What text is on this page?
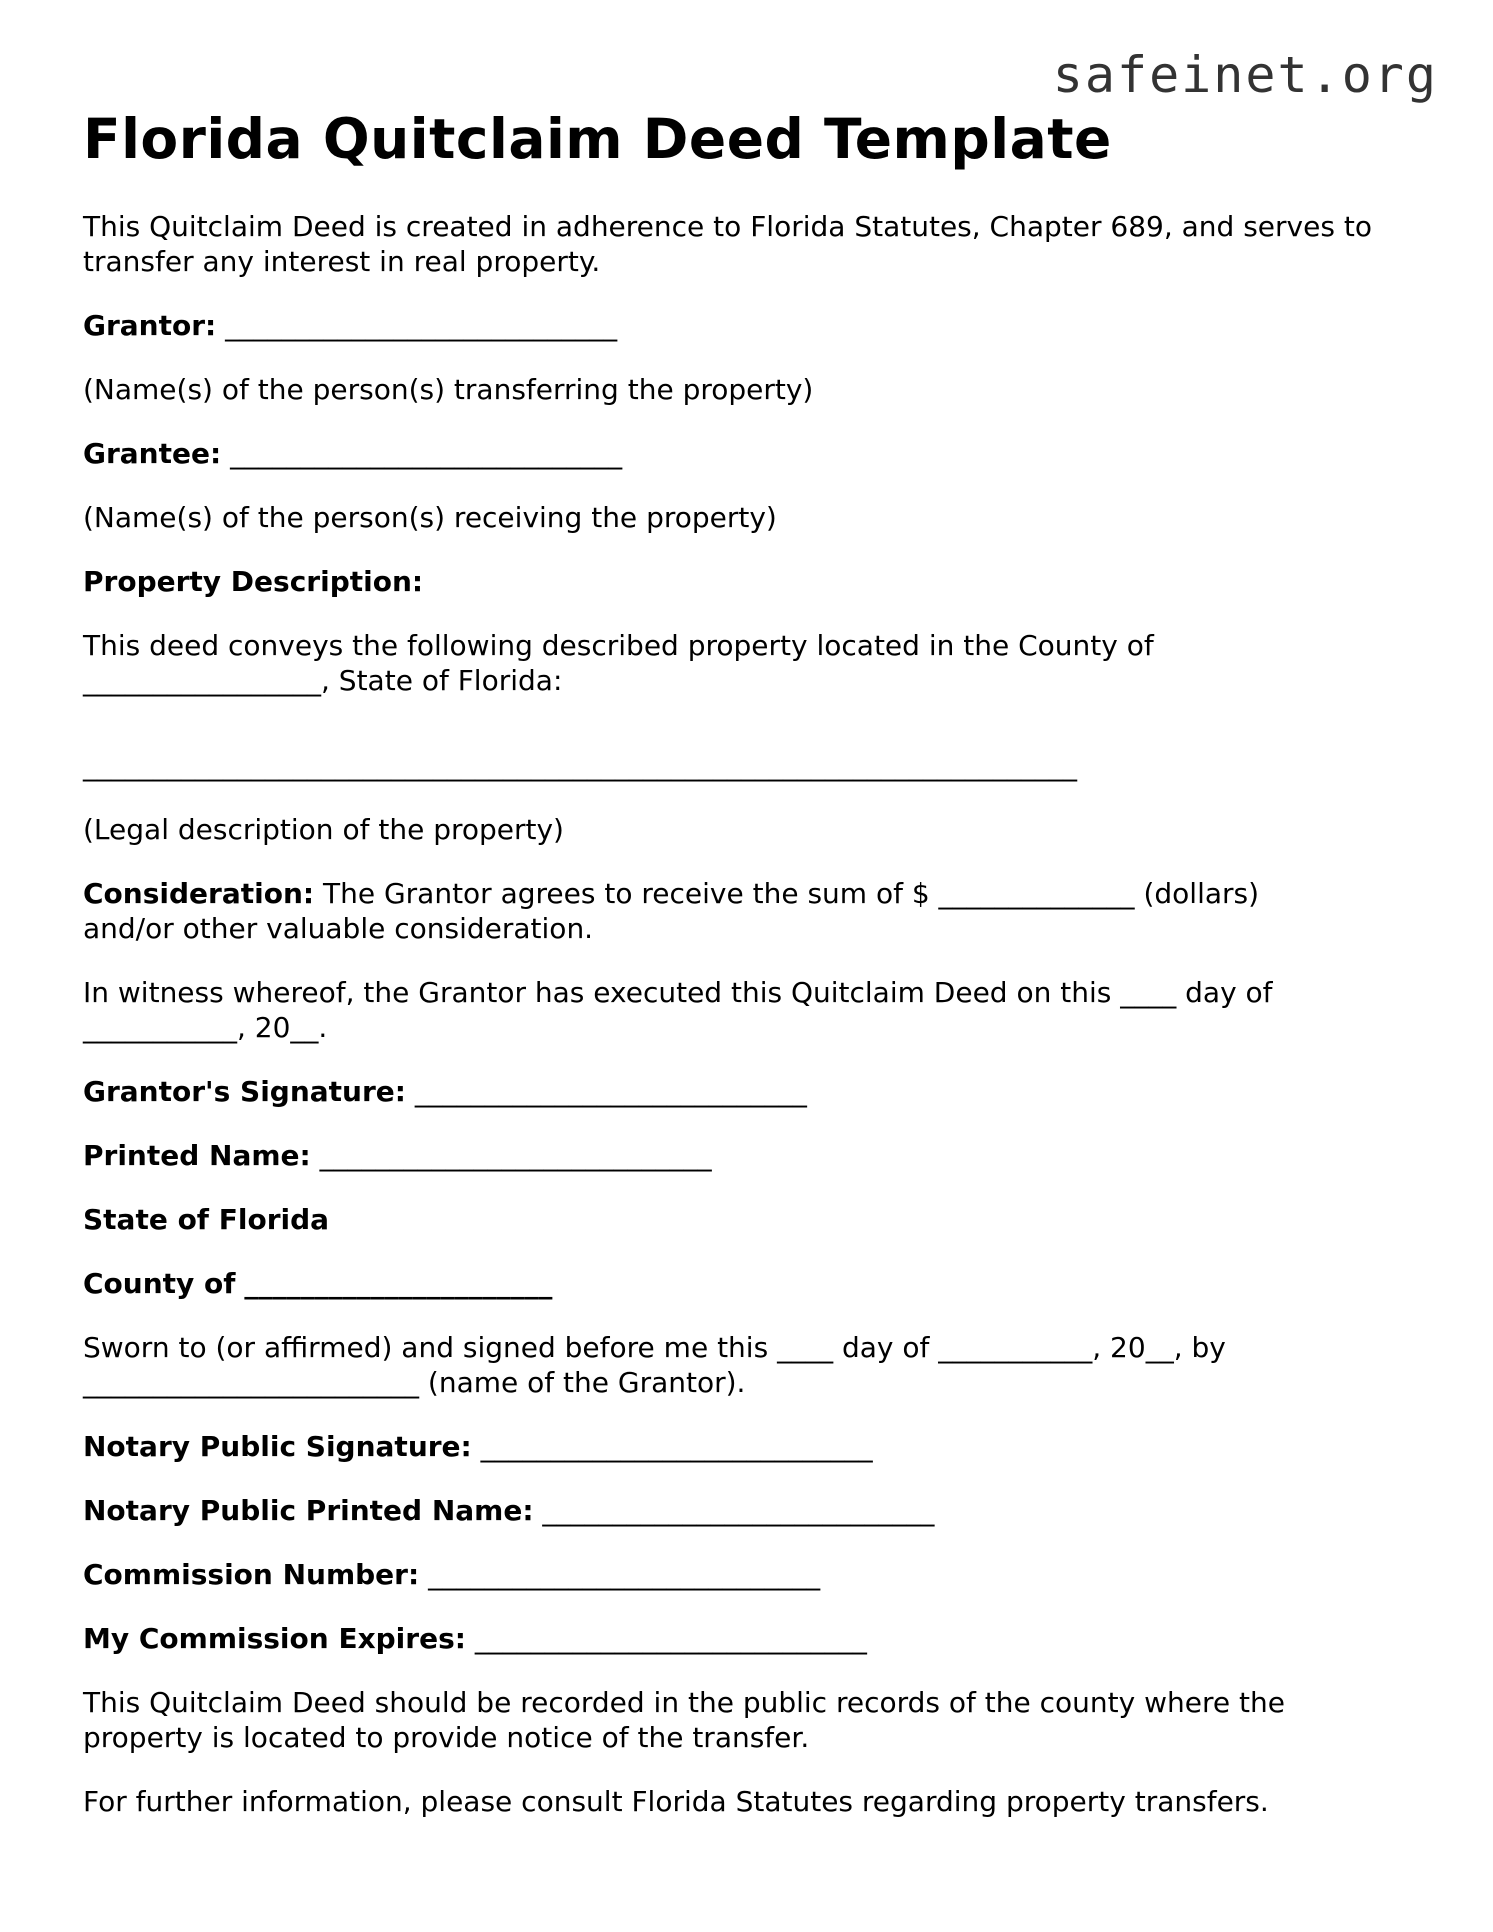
safeinet.org
Florida Quitclaim Deed Template

This Quitclaim Deed is created in adherence to Florida Statutes, Chapter 689, and serves to transfer any interest in real property.

Grantor: ____________________________

(Name(s) of the person(s) transferring the property)

Grantee: ____________________________

(Name(s) of the person(s) receiving the property)

Property Description:

This deed conveys the following described property located in the County of
_________________, State of Florida:

_______________________________________________________________________

(Legal description of the property)

Consideration: The Grantor agrees to receive the sum of $ ______________ (dollars)
and/or other valuable consideration.

In witness whereof, the Grantor has executed this Quitclaim Deed on this ____ day of
___________, 20__.

Grantor's Signature: ____________________________

Printed Name: ____________________________

State of Florida

County of ______________________

Sworn to (or affirmed) and signed before me this ____ day of ___________, 20__, by
________________________ (name of the Grantor).

Notary Public Signature: ____________________________

Notary Public Printed Name: ____________________________

Commission Number: ____________________________

My Commission Expires: ____________________________

This Quitclaim Deed should be recorded in the public records of the county where the property is located to provide notice of the transfer.

For further information, please consult Florida Statutes regarding property transfers.
